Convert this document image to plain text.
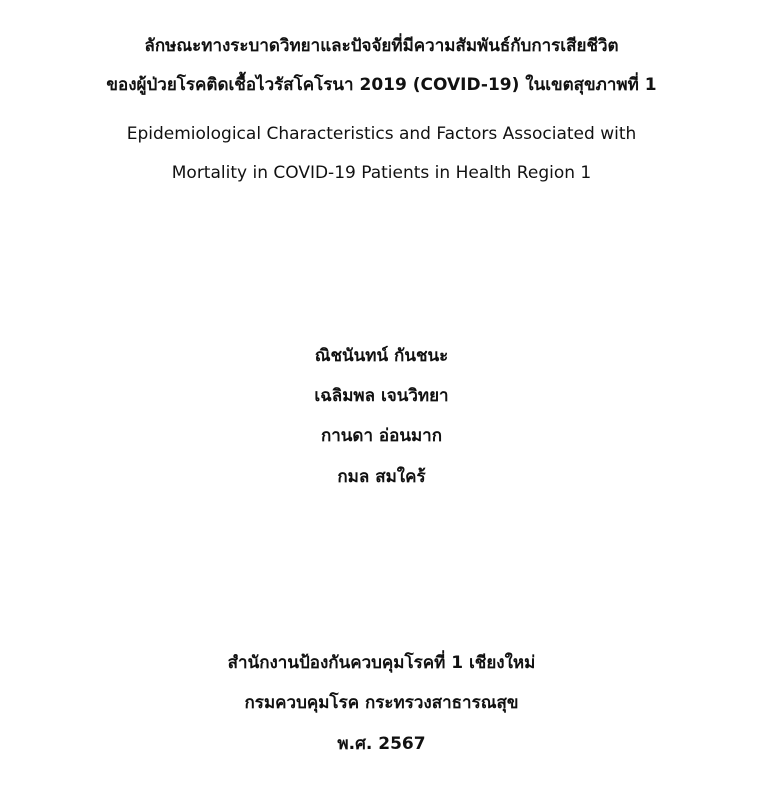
ลักษณะทางระบาดวิทยาและปัจจัยที่มีความสัมพันธ์กับการเสียชีวิต
ของผู้ป่วยโรคติดเชื้อไวรัสโคโรนา 2019 (COVID-19) ในเขตสุขภาพที่ 1
Epidemiological Characteristics and Factors Associated with
Mortality in COVID-19 Patients in Health Region 1
ณิชนันทน์ กันชนะ
เฉลิมพล เจนวิทยา
กานดา อ่อนมาก
กมล สมใคร้
สำนักงานป้องกันควบคุมโรคที่ 1 เชียงใหม่
กรมควบคุมโรค กระทรวงสาธารณสุข
พ.ศ. 2567
